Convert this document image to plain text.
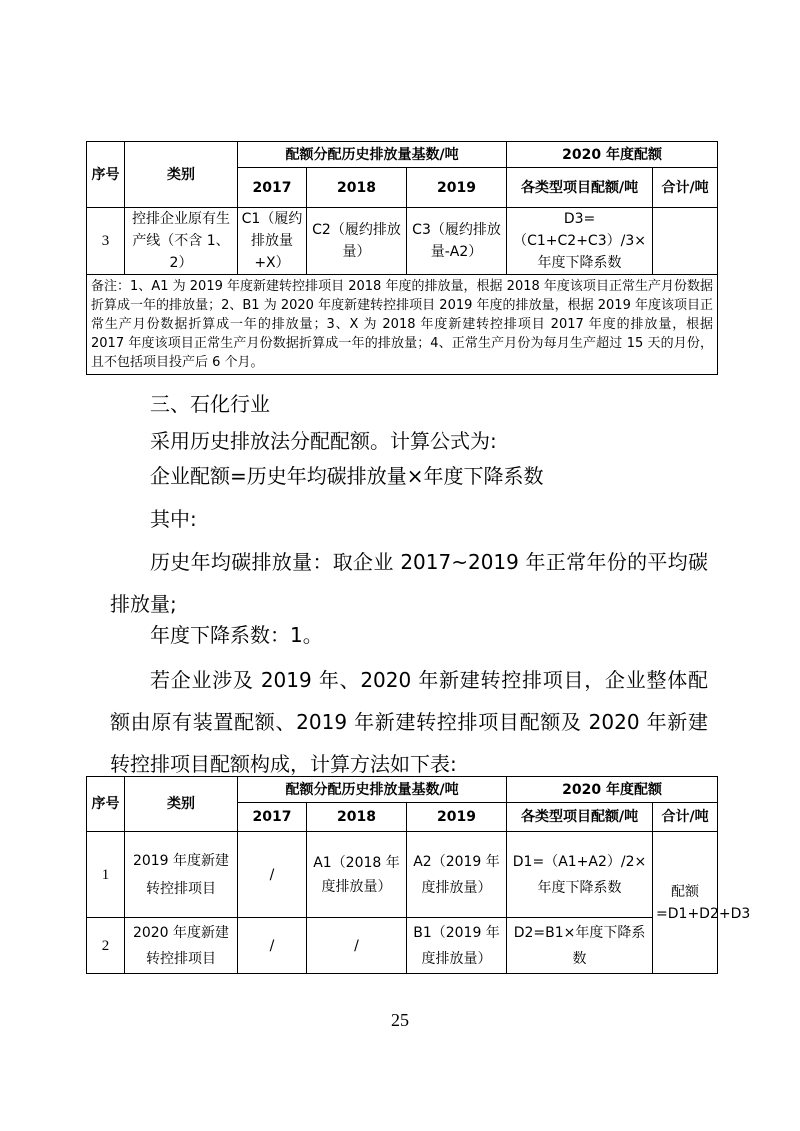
序号	类别	配额分配历史排放量基数/吨			2020 年度配额	
		2017	2018	2019	各类型项目配额/吨	合计/吨
3	控排企业原有生产线（不含 1、2）	C1（履约排放量+X）	C2（履约排放量）	C3（履约排放量-A2）	D3=（C1+C2+C3）/3×年度下降系数	
备注：1、A1 为 2019 年度新建转控排项目 2018 年度的排放量，根据 2018 年度该项目正常生产月份数据折算成一年的排放量；2、B1 为 2020 年度新建转控排项目 2019 年度的排放量，根据 2019 年度该项目正常生产月份数据折算成一年的排放量；3、X 为 2018 年度新建转控排项目 2017 年度的排放量，根据 2017 年度该项目正常生产月份数据折算成一年的排放量；4、正常生产月份为每月生产超过 15 天的月份，且不包括项目投产后 6 个月。						
三、石化行业
采用历史排放法分配配额。计算公式为:
企业配额=历史年均碳排放量×年度下降系数
其中:
历史年均碳排放量：取企业 2017~2019 年正常年份的平均碳排放量;
年度下降系数：1。
若企业涉及 2019 年、2020 年新建转控排项目，企业整体配额由原有装置配额、2019 年新建转控排项目配额及 2020 年新建转控排项目配额构成，计算方法如下表:
序号	类别	配额分配历史排放量基数/吨			2020 年度配额	
		2017	2018	2019	各类型项目配额/吨	合计/吨
1	2019 年度新建转控排项目	/	A1（2018 年度排放量）	A2（2019 年度排放量）	D1=（A1+A2）/2×年度下降系数	配额=D1+D2+D3
2	2020 年度新建转控排项目	/	/	B1（2019 年度排放量）	D2=B1×年度下降系数	
25
